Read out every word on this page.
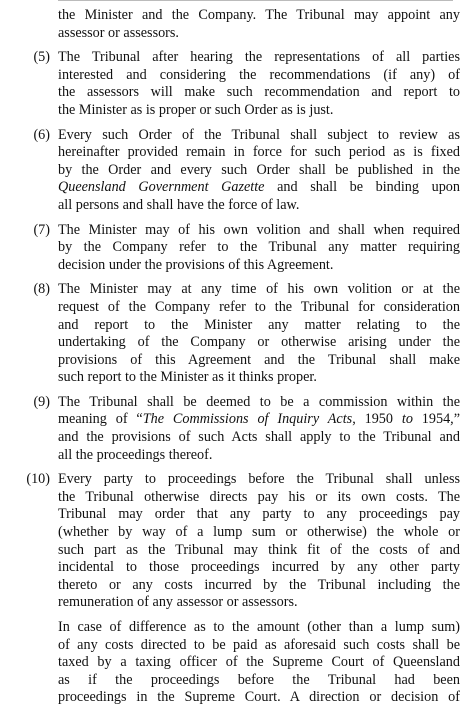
the Minister and the Company. The Tribunal may appoint any
assessor or assessors.
(5) The Tribunal after hearing the representations of all parties
interested and considering the recommendations (if any) of
the assessors will make such recommendation and report to
the Minister as is proper or such Order as is just.
(6) Every such Order of the Tribunal shall subject to review as
hereinafter provided remain in force for such period as is fixed
by the Order and every such Order shall be published in the
Queensland Government Gazette and shall be binding upon
all persons and shall have the force of law.
(7) The Minister may of his own volition and shall when required
by the Company refer to the Tribunal any matter requiring
decision under the provisions of this Agreement.
(8) The Minister may at any time of his own volition or at the
request of the Company refer to the Tribunal for consideration
and report to the Minister any matter relating to the
undertaking of the Company or otherwise arising under the
provisions of this Agreement and the Tribunal shall make
such report to the Minister as it thinks proper.
(9) The Tribunal shall be deemed to be a commission within the
meaning of “The Commissions of Inquiry Acts, 1950 to 1954,”
and the provisions of such Acts shall apply to the Tribunal and
all the proceedings thereof.
(10) Every party to proceedings before the Tribunal shall unless
the Tribunal otherwise directs pay his or its own costs. The
Tribunal may order that any party to any proceedings pay
(whether by way of a lump sum or otherwise) the whole or
such part as the Tribunal may think fit of the costs of and
incidental to those proceedings incurred by any other party
thereto or any costs incurred by the Tribunal including the
remuneration of any assessor or assessors.
In case of difference as to the amount (other than a lump sum)
of any costs directed to be paid as aforesaid such costs shall be
taxed by a taxing officer of the Supreme Court of Queensland
as if the proceedings before the Tribunal had been
proceedings in the Supreme Court. A direction or decision of
